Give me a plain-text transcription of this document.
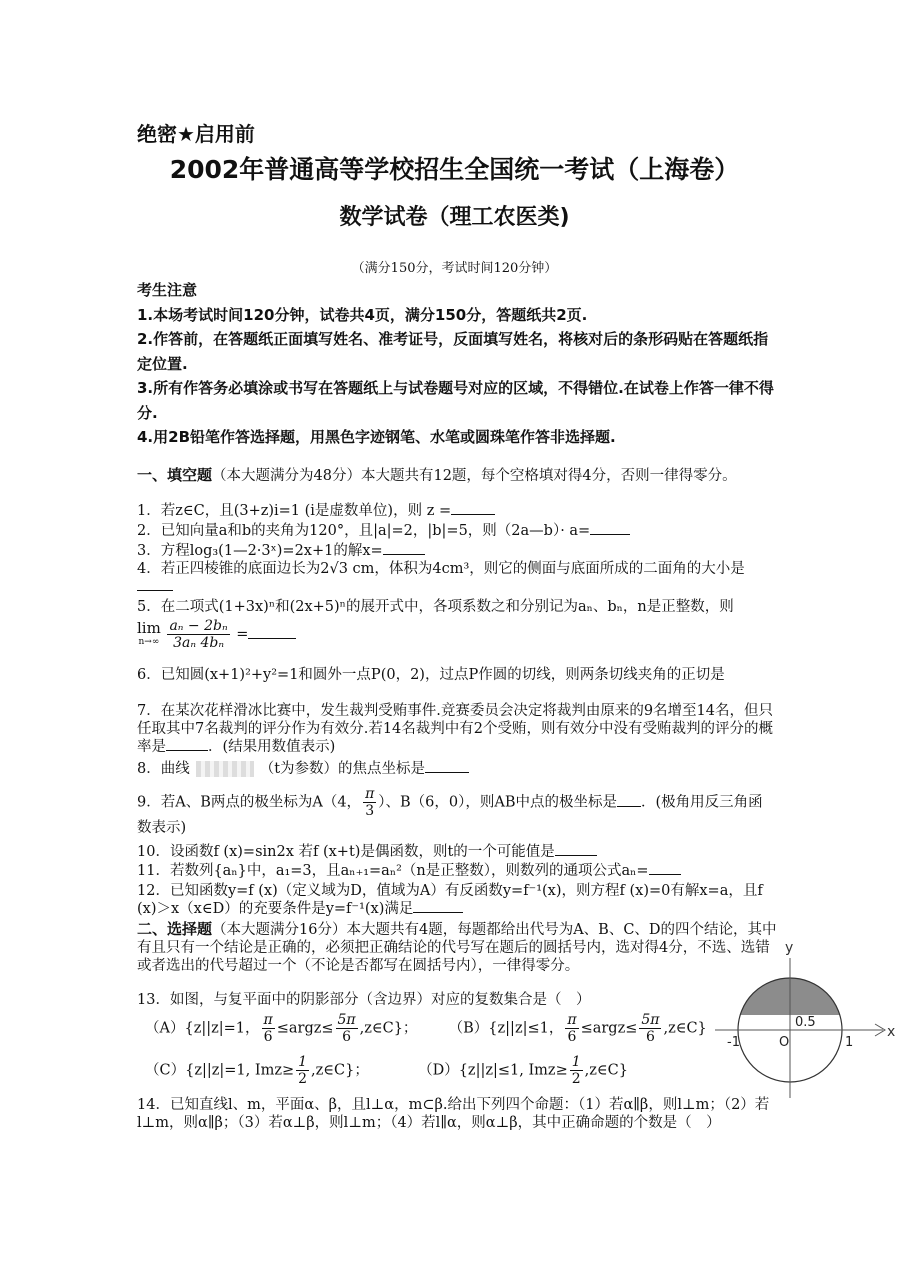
绝密★启用前
2002年普通高等学校招生全国统一考试（上海卷）
数学试卷（理工农医类)
（满分150分，考试时间120分钟）
考生注意
1.本场考试时间120分钟，试卷共4页，满分150分，答题纸共2页.
2.作答前，在答题纸正面填写姓名、准考证号，反面填写姓名，将核对后的条形码贴在答题纸指定位置.
3.所有作答务必填涂或书写在答题纸上与试卷题号对应的区域，不得错位.在试卷上作答一律不得分.
4.用2B铅笔作答选择题，用黑色字迹钢笔、水笔或圆珠笔作答非选择题.
一、填空题（本大题满分为48分）本大题共有12题，每个空格填对得4分，否则一律得零分。
1．若z∈C，且(3+z)i=1 (i是虚数单位)，则 z =
2．已知向量a和b的夹角为120°，且|a|=2，|b|=5，则（2a—b）· a=
3．方程log₃(1—2·3ˣ)=2x+1的解x=
4．若正四棱锥的底面边长为2√3 cm，体积为4cm³，则它的侧面与底面所成的二面角的大小是
5．在二项式(1+3x)ⁿ和(2x+5)ⁿ的展开式中，各项系数之和分别记为aₙ、bₙ，n是正整数，则
lim
n→∞
$\frac{\text{aₙ − 2bₙ}}{\text{3aₙ 4bₙ}}$ =
6．已知圆(x+1)²+y²=1和圆外一点P(0，2)，过点P作圆的切线，则两条切线夹角的正切是
7．在某次花样滑冰比赛中，发生裁判受贿事件.竞赛委员会决定将裁判由原来的9名增至14名，但只任取其中7名裁判的评分作为有效分.若14名裁判中有2个受贿，则有效分中没有受贿裁判的评分的概率是	．(结果用数值表示)
8．曲线	（t为参数）的焦点坐标是
9．若A、B两点的极坐标为A（4， $\frac{\pi}{3}$ ）、B（6，0），则AB中点的极坐标是 ．(极角用反三角函数表示)
10．设函数f (x)=sin2x 若f (x+t)是偶函数，则t的一个可能值是
11．若数列{aₙ}中，a₁=3，且aₙ₊₁=aₙ²（n是正整数），则数列的通项公式aₙ=
12．已知函数y=f (x)（定义域为D，值域为A）有反函数y=f⁻¹(x)，则方程f (x)=0有解x=a，且f (x)＞x（x∈D）的充要条件是y=f⁻¹(x)满足
二、选择题（本大题满分16分）本大题共有4题，每题都给出代号为A、B、C、D的四个结论，其中有且只有一个结论是正确的，必须把正确结论的代号写在题后的圆括号内，选对得4分，不选、选错或者选出的代号超过一个（不论是否都写在圆括号内），一律得零分。
13．如图，与复平面中的阴影部分（含边界）对应的复数集合是（　）
（A）{z||z|=1， $\frac{\pi}{6}$ ≤argz≤ $\frac{5\pi}{6}$ ,z∈C}； （B）{z||z|≤1， $\frac{\pi}{6}$ ≤argz≤ $\frac{5\pi}{6}$ ,z∈C}
（C）{z||z|=1, $Imz\ge \frac{1}{2}$ ,z∈C}；	（D）{z||z|≤1, $Imz\ge \frac{1}{2}$ ,z∈C}
14．已知直线l、m，平面α、β，且l⊥α，m⊂β.给出下列四个命题：（1）若α∥β，则l⊥m；（2）若l⊥m，则α∥β；（3）若α⊥β，则l⊥m；（4）若l∥α，则α⊥β，其中正确命题的个数是（　）
y
x
0.5
-1	O	1
